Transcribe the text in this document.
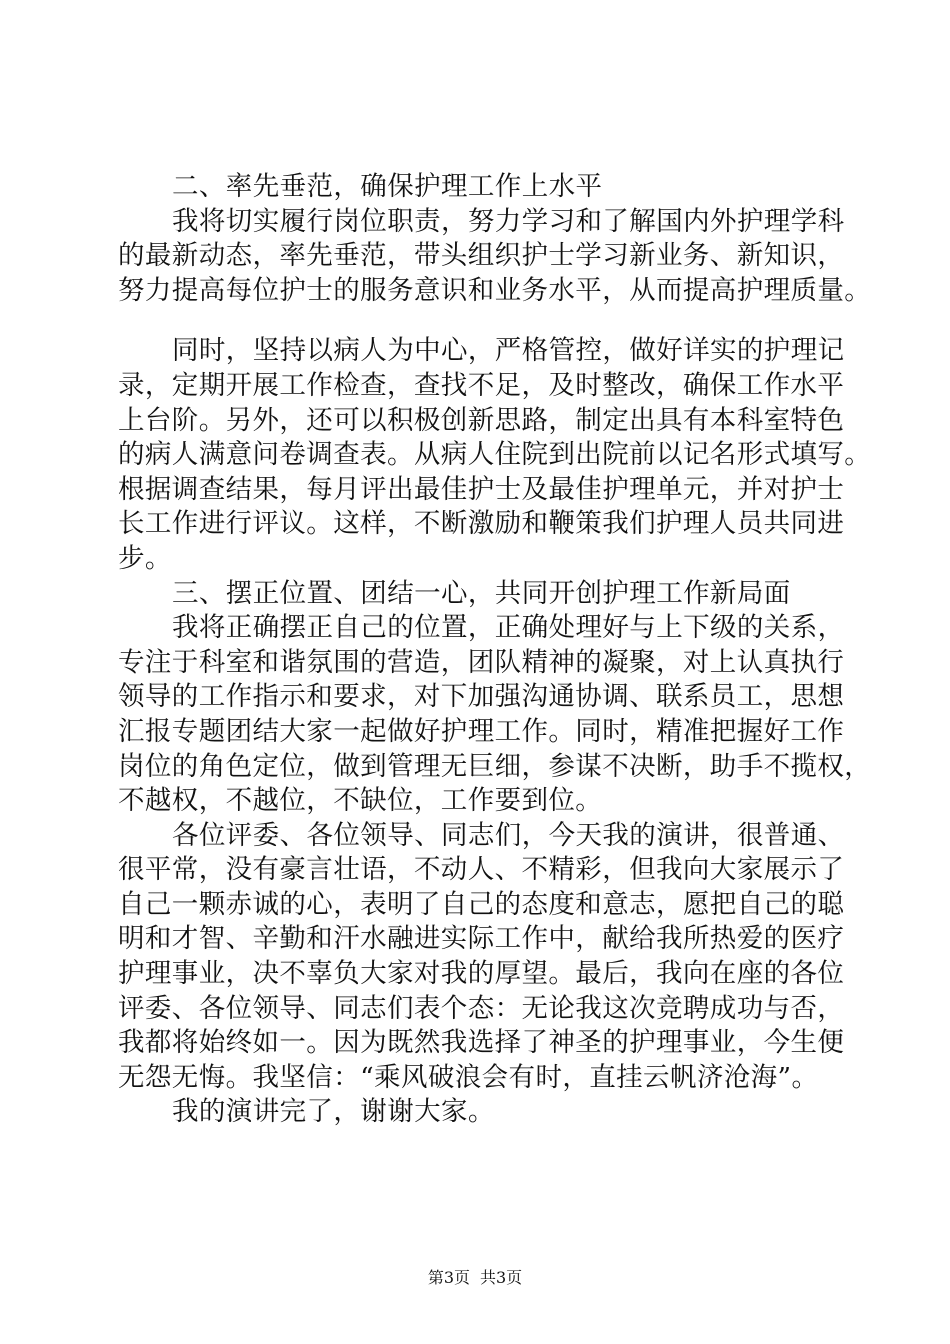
二、率先垂范，确保护理工作上水平
我将切实履行岗位职责，努力学习和了解国内外护理学科
的最新动态，率先垂范，带头组织护士学习新业务、新知识，
努力提高每位护士的服务意识和业务水平，从而提高护理质量。
同时，坚持以病人为中心，严格管控，做好详实的护理记
录，定期开展工作检查，查找不足，及时整改，确保工作水平
上台阶。另外，还可以积极创新思路，制定出具有本科室特色
的病人满意问卷调查表。从病人住院到出院前以记名形式填写。
根据调查结果，每月评出最佳护士及最佳护理单元，并对护士
长工作进行评议。这样，不断激励和鞭策我们护理人员共同进
步。
三、摆正位置、团结一心，共同开创护理工作新局面
我将正确摆正自己的位置，正确处理好与上下级的关系，
专注于科室和谐氛围的营造，团队精神的凝聚，对上认真执行
领导的工作指示和要求，对下加强沟通协调、联系员工，思想
汇报专题团结大家一起做好护理工作。同时，精准把握好工作
岗位的角色定位，做到管理无巨细，参谋不决断，助手不揽权，
不越权，不越位，不缺位，工作要到位。
各位评委、各位领导、同志们，今天我的演讲，很普通、
很平常，没有豪言壮语，不动人、不精彩，但我向大家展示了
自己一颗赤诚的心，表明了自己的态度和意志，愿把自己的聪
明和才智、辛勤和汗水融进实际工作中，献给我所热爱的医疗
护理事业，决不辜负大家对我的厚望。最后，我向在座的各位
评委、各位领导、同志们表个态：无论我这次竞聘成功与否，
我都将始终如一。因为既然我选择了神圣的护理事业，今生便
无怨无悔。我坚信：“乘风破浪会有时，直挂云帆济沧海”。
我的演讲完了，谢谢大家。
第3页 共3页
